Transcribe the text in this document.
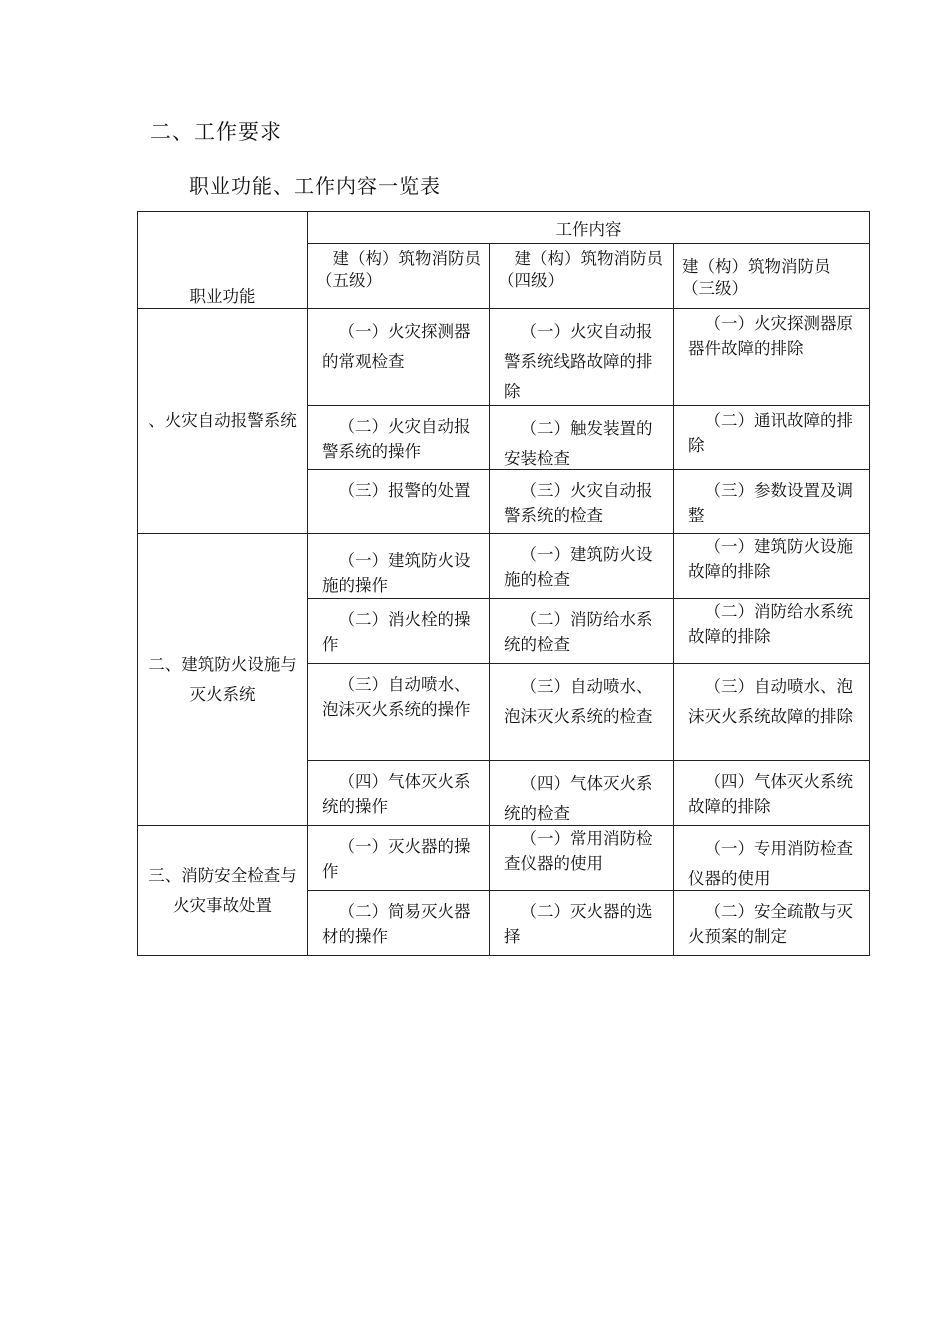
二、工作要求
职业功能、工作内容一览表
职业功能	工作内容		

	建（构）筑物消防员（五级）	建（构）筑物消防员（四级）	建（构）筑物消防员（三级）

、火灾自动报警系统	（一）火灾探测器的常观检查	（一）火灾自动报警系统线路故障的排除	（一）火灾探测器原器件故障的排除

	（二）火灾自动报警系统的操作	（二）触发装置的安装检查	（二）通讯故障的排除

	（三）报警的处置	（三）火灾自动报警系统的检查	（三）参数设置及调整

二、建筑防火设施与灭火系统	（一）建筑防火设施的操作	（一）建筑防火设施的检查	（一）建筑防火设施故障的排除

	（二）消火栓的操作	（二）消防给水系统的检查	（二）消防给水系统故障的排除

	（三）自动喷水、泡沫灭火系统的操作	（三）自动喷水、泡沫灭火系统的检查	（三）自动喷水、泡沫灭火系统故障的排除

	（四）气体灭火系统的操作	（四）气体灭火系统的检查	（四）气体灭火系统故障的排除

三、消防安全检查与火灾事故处置	（一）灭火器的操作	（一）常用消防检查仪器的使用	（一）专用消防检查仪器的使用

	（二）简易灭火器材的操作	（二）灭火器的选择	（二）安全疏散与灭火预案的制定
